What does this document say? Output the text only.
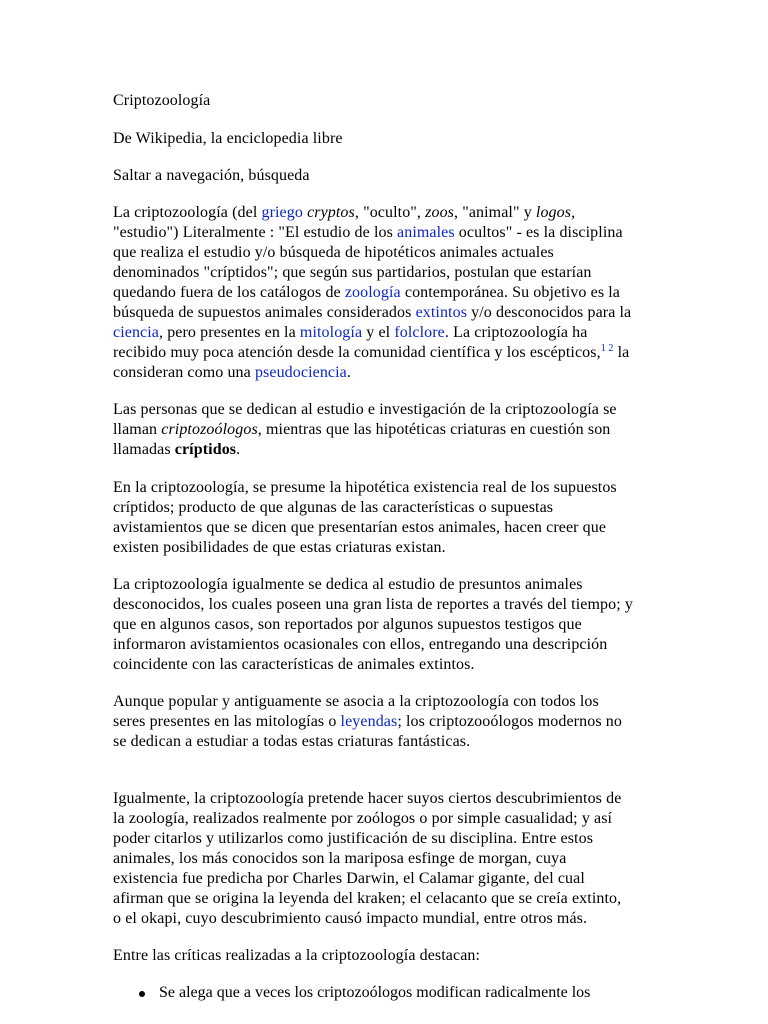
Criptozoología

De Wikipedia, la enciclopedia libre

Saltar a navegación, búsqueda

La criptozoología (del griego cryptos, "oculto", zoos, "animal" y logos, "estudio") Literalmente : "El estudio de los animales ocultos" - es la disciplina que realiza el estudio y/o búsqueda de hipotéticos animales actuales denominados "críptidos"; que según sus partidarios, postulan que estarían quedando fuera de los catálogos de zoología contemporánea. Su objetivo es la búsqueda de supuestos animales considerados extintos y/o desconocidos para la ciencia, pero presentes en la mitología y el folclore. La criptozoología ha recibido muy poca atención desde la comunidad científica y los escépticos,$^1$ $^2$ la consideran como una pseudociencia.

Las personas que se dedican al estudio e investigación de la criptozoología se llaman criptozoólogos, mientras que las hipotéticas criaturas en cuestión son llamadas críptidos.

En la criptozoología, se presume la hipotética existencia real de los supuestos críptidos; producto de que algunas de las características o supuestas avistamientos que se dicen que presentarían estos animales, hacen creer que existen posibilidades de que estas criaturas existan.

La criptozoología igualmente se dedica al estudio de presuntos animales desconocidos, los cuales poseen una gran lista de reportes a través del tiempo; y que en algunos casos, son reportados por algunos supuestos testigos que informaron avistamientos ocasionales con ellos, entregando una descripción coincidente con las características de animales extintos.

Aunque popular y antiguamente se asocia a la criptozoología con todos los seres presentes en las mitologías o leyendas; los criptozooólogos modernos no se dedican a estudiar a todas estas criaturas fantásticas.

Igualmente, la criptozoología pretende hacer suyos ciertos descubrimientos de la zoología, realizados realmente por zoólogos o por simple casualidad; y así poder citarlos y utilizarlos como justificación de su disciplina. Entre estos animales, los más conocidos son la mariposa esfinge de morgan, cuya existencia fue predicha por Charles Darwin, el Calamar gigante, del cual afirman que se origina la leyenda del kraken; el celacanto que se creía extinto, o el okapi, cuyo descubrimiento causó impacto mundial, entre otros más.

Entre las críticas realizadas a la criptozoología destacan:

Se alega que a veces los criptozoólogos modifican radicalmente los
